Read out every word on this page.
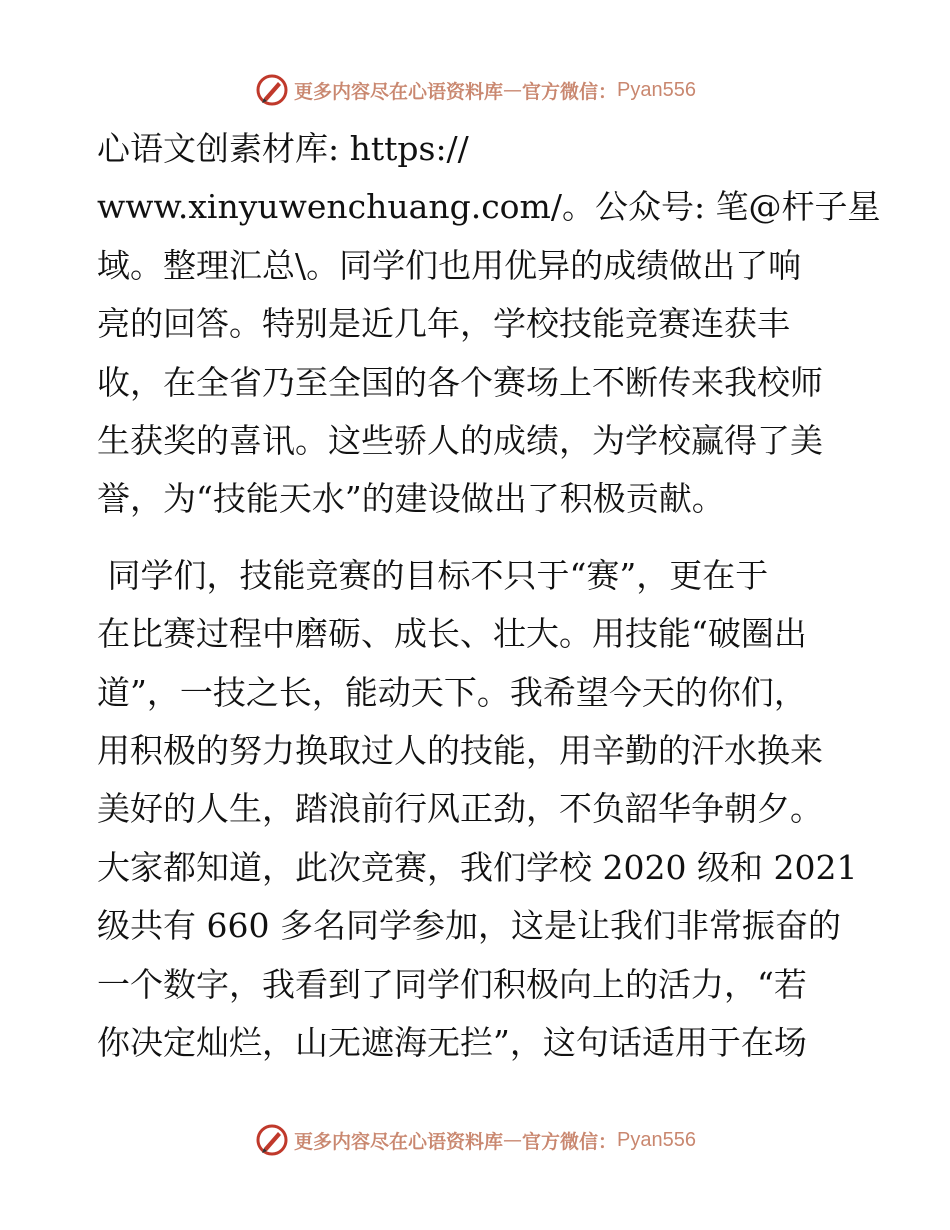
更多内容尽在心语资料库 — 官方微信： Pyan556

心语文创素材库: https://
www.xinyuwenchuang.com/。公众号: 笔@杆子星
域。整理汇总\。同学们也用优异的成绩做出了响
亮的回答。特别是近几年，学校技能竞赛连获丰
收，在全省乃至全国的各个赛场上不断传来我校师
生获奖的喜讯。这些骄人的成绩，为学校赢得了美
誉，为“技能天水”的建设做出了积极贡献。

同学们，技能竞赛的目标不只于“赛”，更在于
在比赛过程中磨砺、成长、壮大。用技能“破圈出
道”，一技之长，能动天下。我希望今天的你们，
用积极的努力换取过人的技能，用辛勤的汗水换来
美好的人生，踏浪前行风正劲，不负韶华争朝夕。
大家都知道，此次竞赛，我们学校 2020 级和 2021
级共有 660 多名同学参加，这是让我们非常振奋的
一个数字，我看到了同学们积极向上的活力，“若
你决定灿烂，山无遮海无拦”，这句话适用于在场

更多内容尽在心语资料库 — 官方微信： Pyan556
